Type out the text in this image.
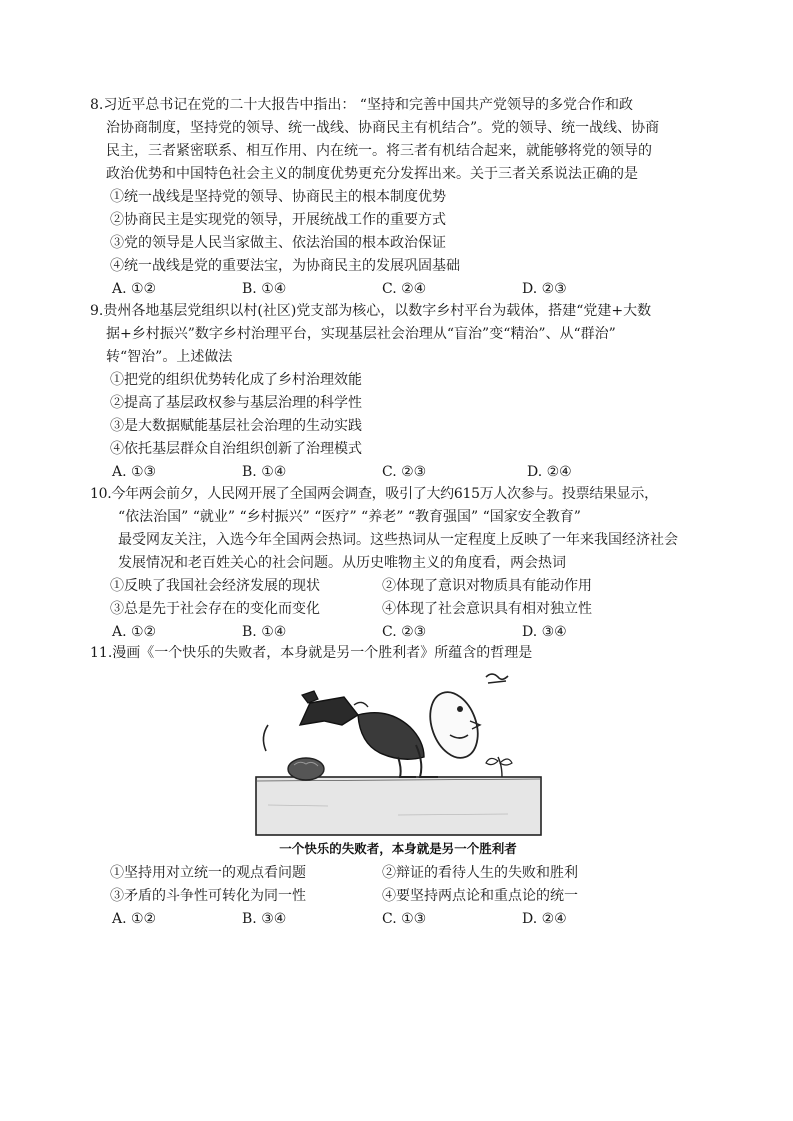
8.习近平总书记在党的二十大报告中指出： “坚持和完善中国共产党领导的多党合作和政
治协商制度，坚持党的领导、统一战线、协商民主有机结合”。党的领导、统一战线、协商
民主，三者紧密联系、相互作用、内在统一。将三者有机结合起来，就能够将党的领导的
政治优势和中国特色社会主义的制度优势更充分发挥出来。关于三者关系说法正确的是
①统一战线是坚持党的领导、协商民主的根本制度优势
②协商民主是实现党的领导，开展统战工作的重要方式
③党的领导是人民当家做主、依法治国的根本政治保证
④统一战线是党的重要法宝，为协商民主的发展巩固基础
A. ①②	B. ①④	C. ②④	D. ②③
9.贵州各地基层党组织以村(社区)党支部为核心，以数字乡村平台为载体，搭建“党建+大数
据+乡村振兴”数字乡村治理平台，实现基层社会治理从“盲治”变“精治”、从“群治”
转“智治”。上述做法
①把党的组织优势转化成了乡村治理效能
②提高了基层政权参与基层治理的科学性
③是大数据赋能基层社会治理的生动实践
④依托基层群众自治组织创新了治理模式
A. ①③	B. ①④	C. ②③	D. ②④
10.今年两会前夕，人民网开展了全国两会调查，吸引了大约615万人次参与。投票结果显示，
“依法治国” “就业” “乡村振兴” “医疗” “养老” “教育强国” “国家安全教育”
最受网友关注，入选今年全国两会热词。这些热词从一定程度上反映了一年来我国经济社会
发展情况和老百姓关心的社会问题。从历史唯物主义的角度看，两会热词
①反映了我国社会经济发展的现状	②体现了意识对物质具有能动作用
③总是先于社会存在的变化而变化	④体现了社会意识具有相对独立性
A. ①②	B. ①④	C. ②③	D. ③④
11.漫画《一个快乐的失败者，本身就是另一个胜利者》所蕴含的哲理是
一个快乐的失败者，本身就是另一个胜利者
①坚持用对立统一的观点看问题	②辩证的看待人生的失败和胜利
③矛盾的斗争性可转化为同一性	④要坚持两点论和重点论的统一
A. ①②	B. ③④	C. ①③	D. ②④
